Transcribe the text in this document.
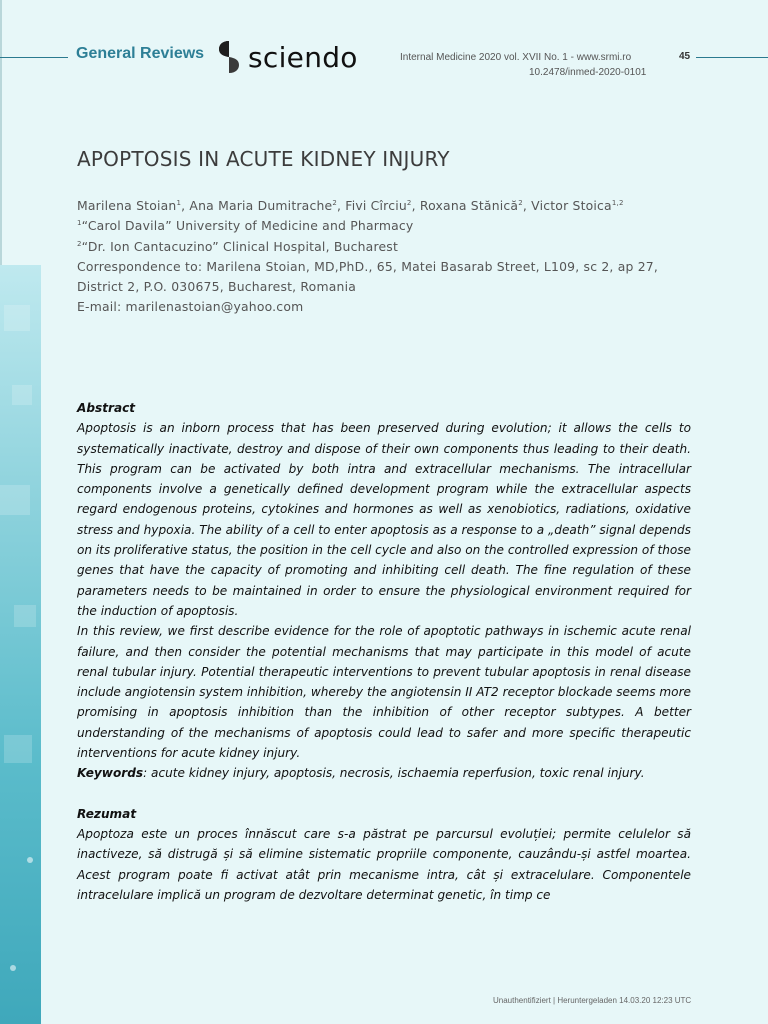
General Reviews sciendo	Internal Medicine 2020 vol. XVII No. 1 - www.srmi.ro	45
10.2478/inmed-2020-0101
APOPTOSIS IN ACUTE KIDNEY INJURY
Marilena Stoian$^1$, Ana Maria Dumitrache$^2$, Fivi Cîrciu$^2$, Roxana Stănică$^2$, Victor Stoica$^{1,2}$
$^1$“Carol Davila” University of Medicine and Pharmacy
$^2$“Dr. Ion Cantacuzino” Clinical Hospital, Bucharest
Correspondence to: Marilena Stoian, MD,PhD., 65, Matei Basarab Street, L109, sc 2, ap 27,
District 2, P.O. 030675, Bucharest, Romania
E-mail: marilenastoian@yahoo.com
Abstract

Apoptosis is an inborn process that has been preserved during evolution; it allows the cells to systematically inactivate, destroy and dispose of their own components thus leading to their death. This program can be activated by both intra and extracellular mechanisms. The intracellular components involve a genetically defined development program while the extracellular aspects regard endogenous proteins, cytokines and hormones as well as xenobiotics, radiations, oxidative stress and hypoxia. The ability of a cell to enter apoptosis as a response to a „death” signal depends on its proliferative status, the position in the cell cycle and also on the controlled expression of those genes that have the capacity of promoting and inhibiting cell death. The fine regulation of these parameters needs to be maintained in order to ensure the physiological environment required for the induction of apoptosis.

In this review, we first describe evidence for the role of apoptotic pathways in ischemic acute renal failure, and then consider the potential mechanisms that may participate in this model of acute renal tubular injury. Potential therapeutic interventions to prevent tubular apoptosis in renal disease include angiotensin system inhibition, whereby the angiotensin II AT2 receptor blockade seems more promising in apoptosis inhibition than the inhibition of other receptor subtypes. A better understanding of the mechanisms of apoptosis could lead to safer and more specific therapeutic interventions for acute kidney injury.

Keywords: acute kidney injury, apoptosis, necrosis, ischaemia reperfusion, toxic renal injury.

Rezumat

Apoptoza este un proces înnăscut care s-a păstrat pe parcursul evoluției; permite celulelor să inactiveze, să distrugă și să elimine sistematic propriile componente, cauzându-și astfel moartea. Acest program poate fi activat atât prin mecanisme intra, cât și extracelulare. Componentele intracelulare implică un program de dezvoltare determinat genetic, în timp ce

Unauthentifiziert | Heruntergeladen 14.03.20 12:23 UTC
